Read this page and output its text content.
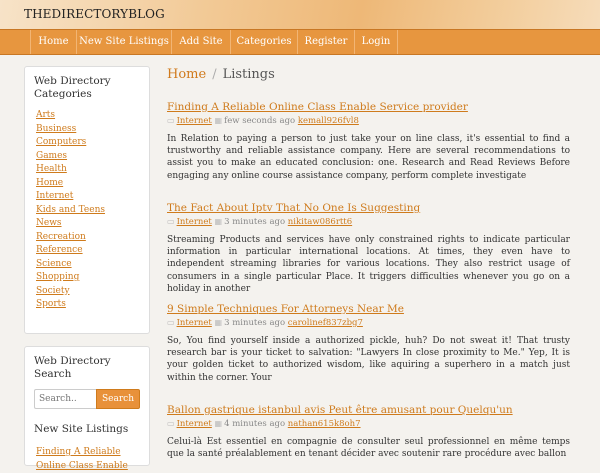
THEDIRECTORYBLOG
Home	New Site Listings	Add Site	Categories	Register	Login
Web Directory Categories
Arts
Business
Computers
Games
Health
Home
Internet
Kids and Teens
News
Recreation
Reference
Science
Shopping
Society
Sports
Web Directory Search
Search..
Search
New Site Listings
Finding A Reliable Online Class Enable
Home / Listings
Finding A Reliable Online Class Enable Service provider
▭ Internet ▦ few seconds ago kemall926fvl8
In Relation to paying a person to just take your on line class, it's essential to find a trustworthy and reliable assistance company. Here are several recommendations to assist you to make an educated conclusion: one. Research and Read Reviews Before engaging any online course assistance company, perform complete investigate
The Fact About Iptv That No One Is Suggesting
▭ Internet ▦ 3 minutes ago nikitaw086rtt6
Streaming Products and services have only constrained rights to indicate particular information in particular international locations. At times, they even have to independent streaming libraries for various locations. They also restrict usage of consumers in a single particular Place. It triggers difficulties whenever you go on a holiday in another
9 Simple Techniques For Attorneys Near Me
▭ Internet ▦ 3 minutes ago carolinef837zbg7
So, You find yourself inside a authorized pickle, huh? Do not sweat it! That trusty research bar is your ticket to salvation: "Lawyers In close proximity to Me." Yep, It is your golden ticket to authorized wisdom, like aquiring a superhero in a match just within the corner. Your
Ballon gastrique istanbul avis Peut être amusant pour Quelqu'un
▭ Internet ▦ 4 minutes ago nathan615k8oh7
Celui-là Est essentiel en compagnie de consulter seul professionnel en même temps que la santé préalablement en tenant décider avec soutenir rare procédure avec ballon
